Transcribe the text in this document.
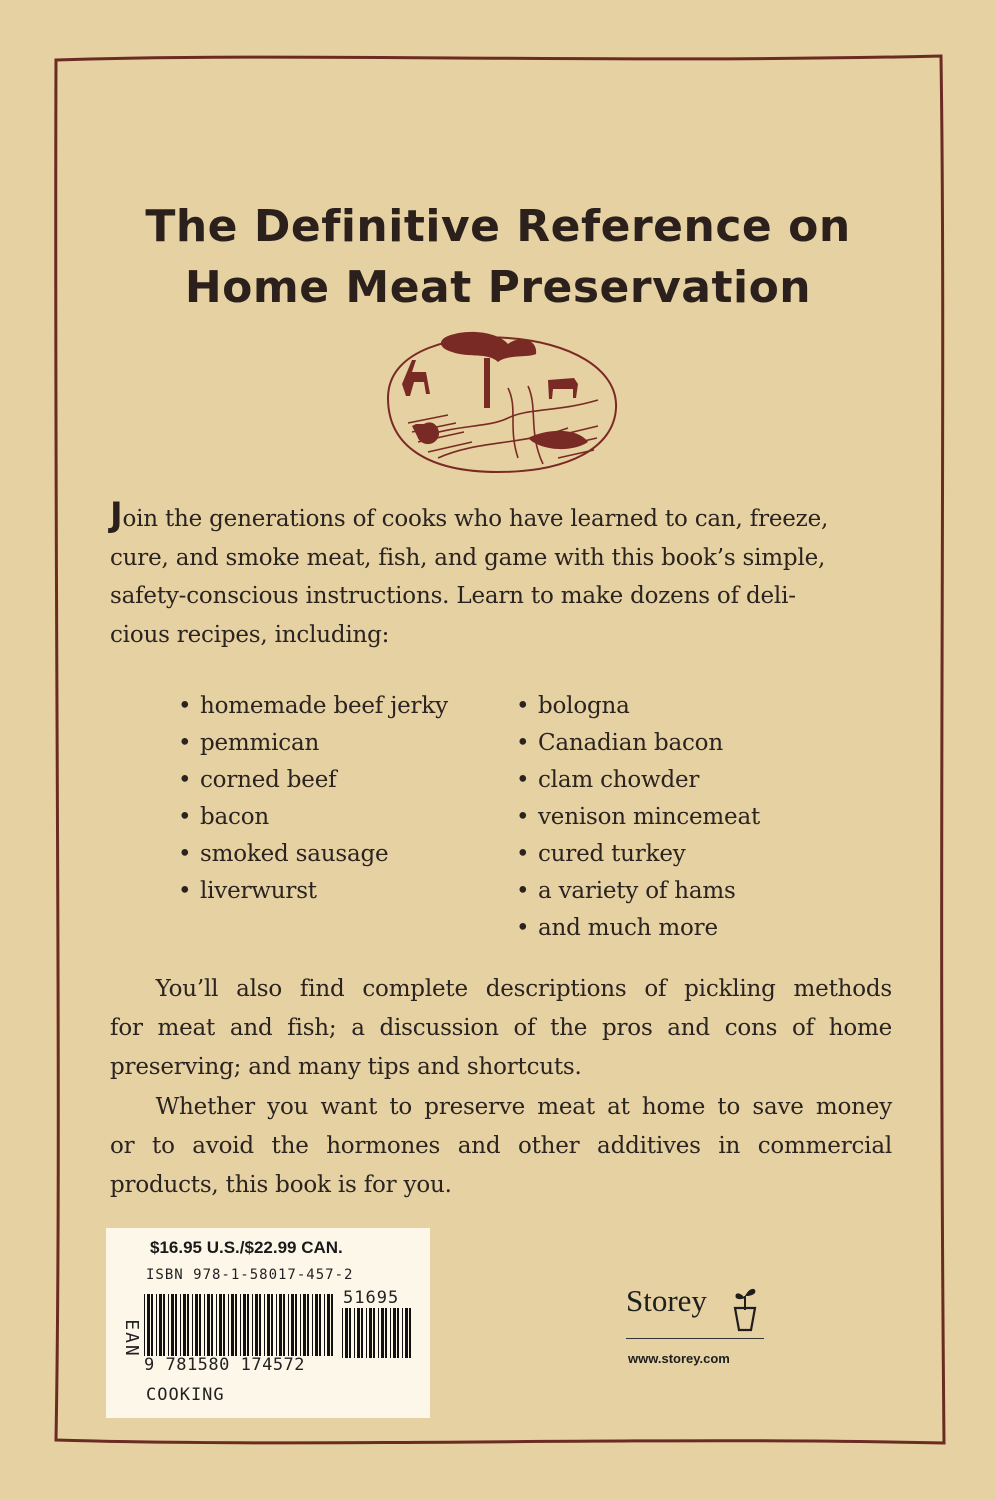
The Definitive Reference on
Home Meat Preservation
Join the generations of cooks who have learned to can, freeze,
cure, and smoke meat, fish, and game with this book’s simple,
safety-conscious instructions. Learn to make dozens of deli-
cious recipes, including:
• homemade beef jerky
• pemmican
• corned beef
• bacon
• smoked sausage
• liverwurst
• bologna
• Canadian bacon
• clam chowder
• venison mincemeat
• cured turkey
• a variety of hams
• and much more
  You’ll also find complete descriptions of pickling methods
for meat and fish; a discussion of the pros and cons of home
preserving; and many tips and shortcuts.
  Whether you want to preserve meat at home to save money
or to avoid the hormones and other additives in commercial
products, this book is for you.
$16.95 U.S./$22.99 CAN.
ISBN 978-1-58017-457-2
EAN
51695
9 781580 174572
COOKING
Storey
www.storey.com
